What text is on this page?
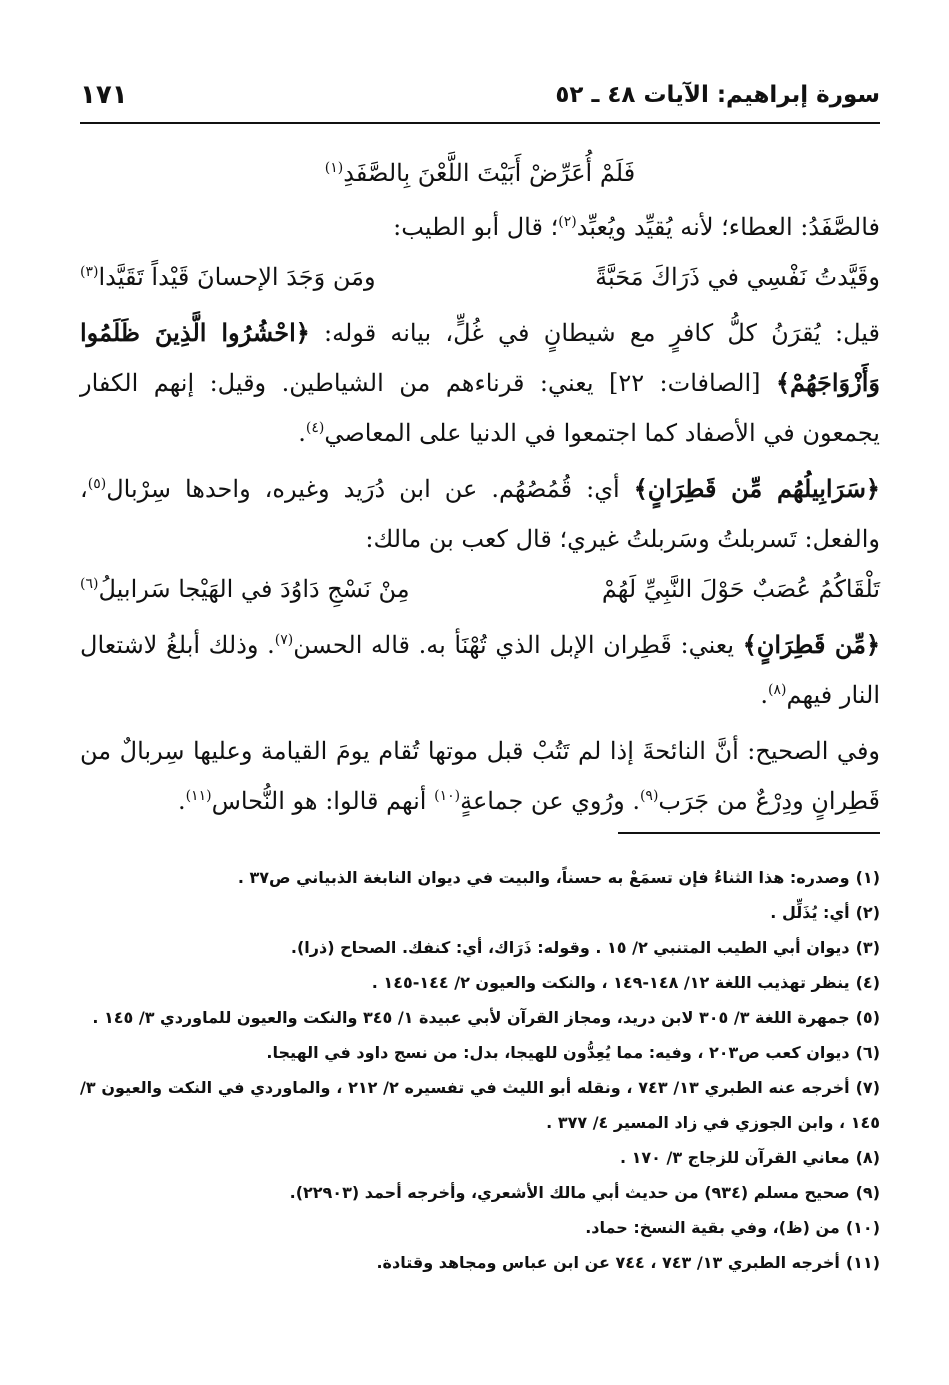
سورة إبراهيم: الآيات ٤٨ ـ ٥٢
١٧١

فَلَمْ أُعَرِّضْ أَبَيْتَ اللَّعْنَ بِالصَّفَدِ$^{(١)}$

فالصَّفَدُ: العطاء؛ لأنه يُقيِّد ويُعبِّد$^{(٢)}$؛ قال أبو الطيب:

وقَيَّدتُ نَفْسِي في ذَرَاكَ مَحَبَّةً
ومَن وَجَدَ الإحسانَ قَيْداً تَقَيَّدا$^{(٣)}$

قيل: يُقرَنُ كلُّ كافرٍ مع شيطانٍ في غُلٍّ، بيانه قوله: ﴿احْشُرُوا الَّذِينَ ظَلَمُوا وَأَزْوَاجَهُمْ﴾ [الصافات: ٢٢] يعني: قرناءهم من الشياطين. وقيل: إنهم الكفار يجمعون في الأصفاد كما اجتمعوا في الدنيا على المعاصي$^{(٤)}$.

﴿سَرَابِيلُهُم مِّن قَطِرَانٍ﴾ أي: قُمُصُهُم. عن ابن دُرَيد وغيره، واحدها سِرْبال$^{(٥)}$، والفعل: تَسربلتُ وسَربلتُ غيري؛ قال كعب بن مالك:

تَلْقَاكُمُ عُصَبٌ حَوْلَ النَّبِيِّ لَهُمْ
مِنْ نَسْجِ دَاوُدَ في الهَيْجا سَرابيلُ$^{(٦)}$

﴿مِّن قَطِرَانٍ﴾ يعني: قَطِران الإبل الذي تُهْنَأ به. قاله الحسن$^{(٧)}$. وذلك أبلغُ لاشتعال النار فيهم$^{(٨)}$.

وفي الصحيح: أنَّ النائحةَ إذا لم تَتُبْ قبل موتها تُقام يومَ القيامة وعليها سِربالٌ من قَطِرانٍ ودِرْعٌ من جَرَب$^{(٩)}$. ورُوي عن جماعةٍ$^{(١٠)}$ أنهم قالوا: هو النُّحاس$^{(١١)}$.

(١)وصدره: هذا الثناءُ فإن تسمَعْ به حسناً، والبيت في ديوان النابغة الذبياني ص٣٧ .
(٢)أي: يُذَلِّل .
(٣)ديوان أبي الطيب المتنبي ٢/ ١٥ . وقوله: ذَرَاك، أي: كنفك. الصحاح (ذرا).
(٤)ينظر تهذيب اللغة ١٢/ ١٤٨-١٤٩ ، والنكت والعيون ٢/ ١٤٤-١٤٥ .
(٥)جمهرة اللغة ٣/ ٣٠٥ لابن دريد، ومجاز القرآن لأبي عبيدة ١/ ٣٤٥ والنكت والعيون للماوردي ٣/ ١٤٥ .
(٦)ديوان كعب ص٢٠٣ ، وفيه: مما يُعِدُّون للهيجا، بدل: من نسج داود في الهيجا.
(٧)أخرجه عنه الطبري ١٣/ ٧٤٣ ، ونقله أبو الليث في تفسيره ٢/ ٢١٢ ، والماوردي في النكت والعيون ٣/ ١٤٥ ، وابن الجوزي في زاد المسير ٤/ ٣٧٧ .
(٨)معاني القرآن للزجاج ٣/ ١٧٠ .
(٩)صحيح مسلم (٩٣٤) من حديث أبي مالك الأشعري، وأخرجه أحمد (٢٢٩٠٣).
(١٠)من (ظ)، وفي بقية النسخ: حماد.
(١١)أخرجه الطبري ١٣/ ٧٤٣ ، ٧٤٤ عن ابن عباس ومجاهد وقتادة.
